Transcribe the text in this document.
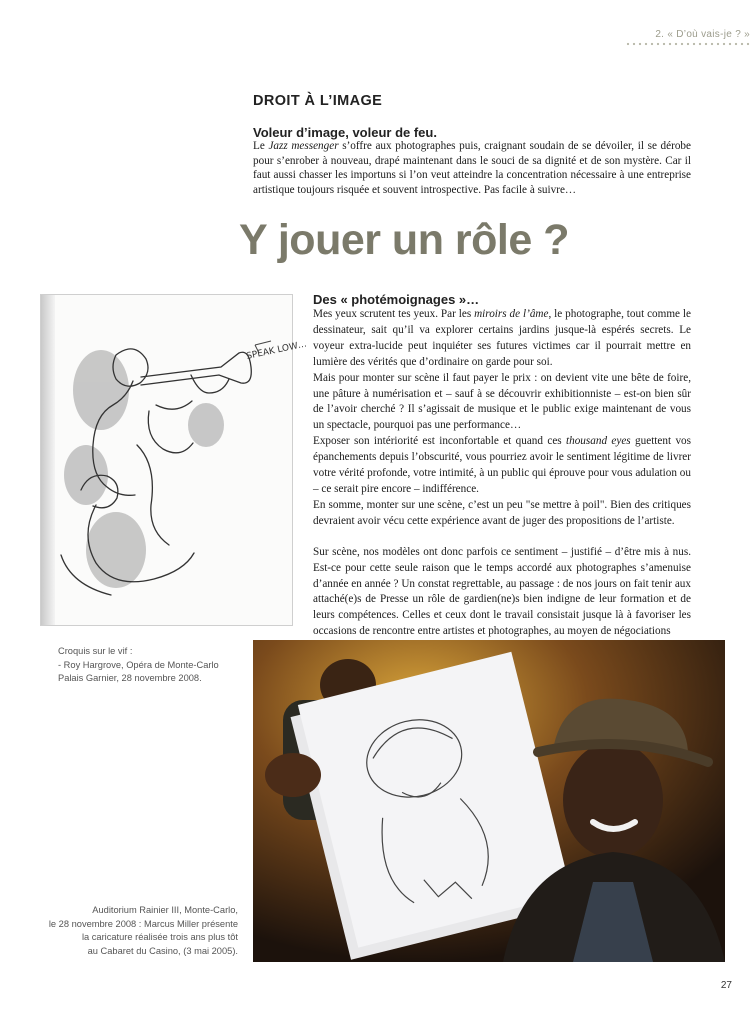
2. « D’où vais-je ? »
DROIT À L’IMAGE
Voleur d’image, voleur de feu.

Le Jazz messenger s’offre aux photographes puis, craignant soudain de se dévoiler, il se dérobe pour s’enrober à nouveau, drapé maintenant dans le souci de sa dignité et de son mystère. Car il faut aussi chasser les importuns si l’on veut atteindre la concentration nécessaire à une entreprise artistique toujours risquée et souvent introspective. Pas facile à suivre…

Y jouer un rôle ?
SPEAK LOW…
Des « photémoignages »…

Mes yeux scrutent tes yeux. Par les miroirs de l’âme, le photographe, tout comme le dessinateur, sait qu’il va explorer certains jardins jusque-là espérés secrets. Le voyeur extra-lucide peut inquiéter ses futures victimes car il pourrait mettre en lumière des vérités que d’ordinaire on garde pour soi.

Mais pour monter sur scène il faut payer le prix : on devient vite une bête de foire, une pâture à numérisation et – sauf à se découvrir exhibitionniste – est-on bien sûr de l’avoir cherché ? Il s’agissait de musique et le public exige maintenant de vous un spectacle, pourquoi pas une performance…

Exposer son intériorité est inconfortable et quand ces thousand eyes guettent vos épanchements depuis l’obscurité, vous pourriez avoir le sentiment légitime de livrer votre vérité profonde, votre intimité, à un public qui éprouve pour vous adulation ou – ce serait pire encore – indifférence.

En somme, monter sur une scène, c’est un peu "se mettre à poil". Bien des critiques devraient avoir vécu cette expérience avant de juger des propositions de l’artiste.

Sur scène, nos modèles ont donc parfois ce sentiment – justifié – d’être mis à nus. Est-ce pour cette seule raison que le temps accordé aux photographes s’amenuise d’année en année ? Un constat regrettable, au passage : de nos jours on fait tenir aux attaché(e)s de Presse un rôle de gardien(ne)s bien indigne de leur formation et de leurs compétences. Celles et ceux dont le travail consistait jusque là à favoriser les occasions de rencontre entre artistes et photographes, au moyen de négociations

Croquis sur le vif :
- Roy Hargrove, Opéra de Monte-Carlo
Palais Garnier, 28 novembre 2008.
Auditorium Rainier III, Monte-Carlo,
le 28 novembre 2008 : Marcus Miller présente
la caricature réalisée trois ans plus tôt
au Cabaret du Casino, (3 mai 2005).
27
